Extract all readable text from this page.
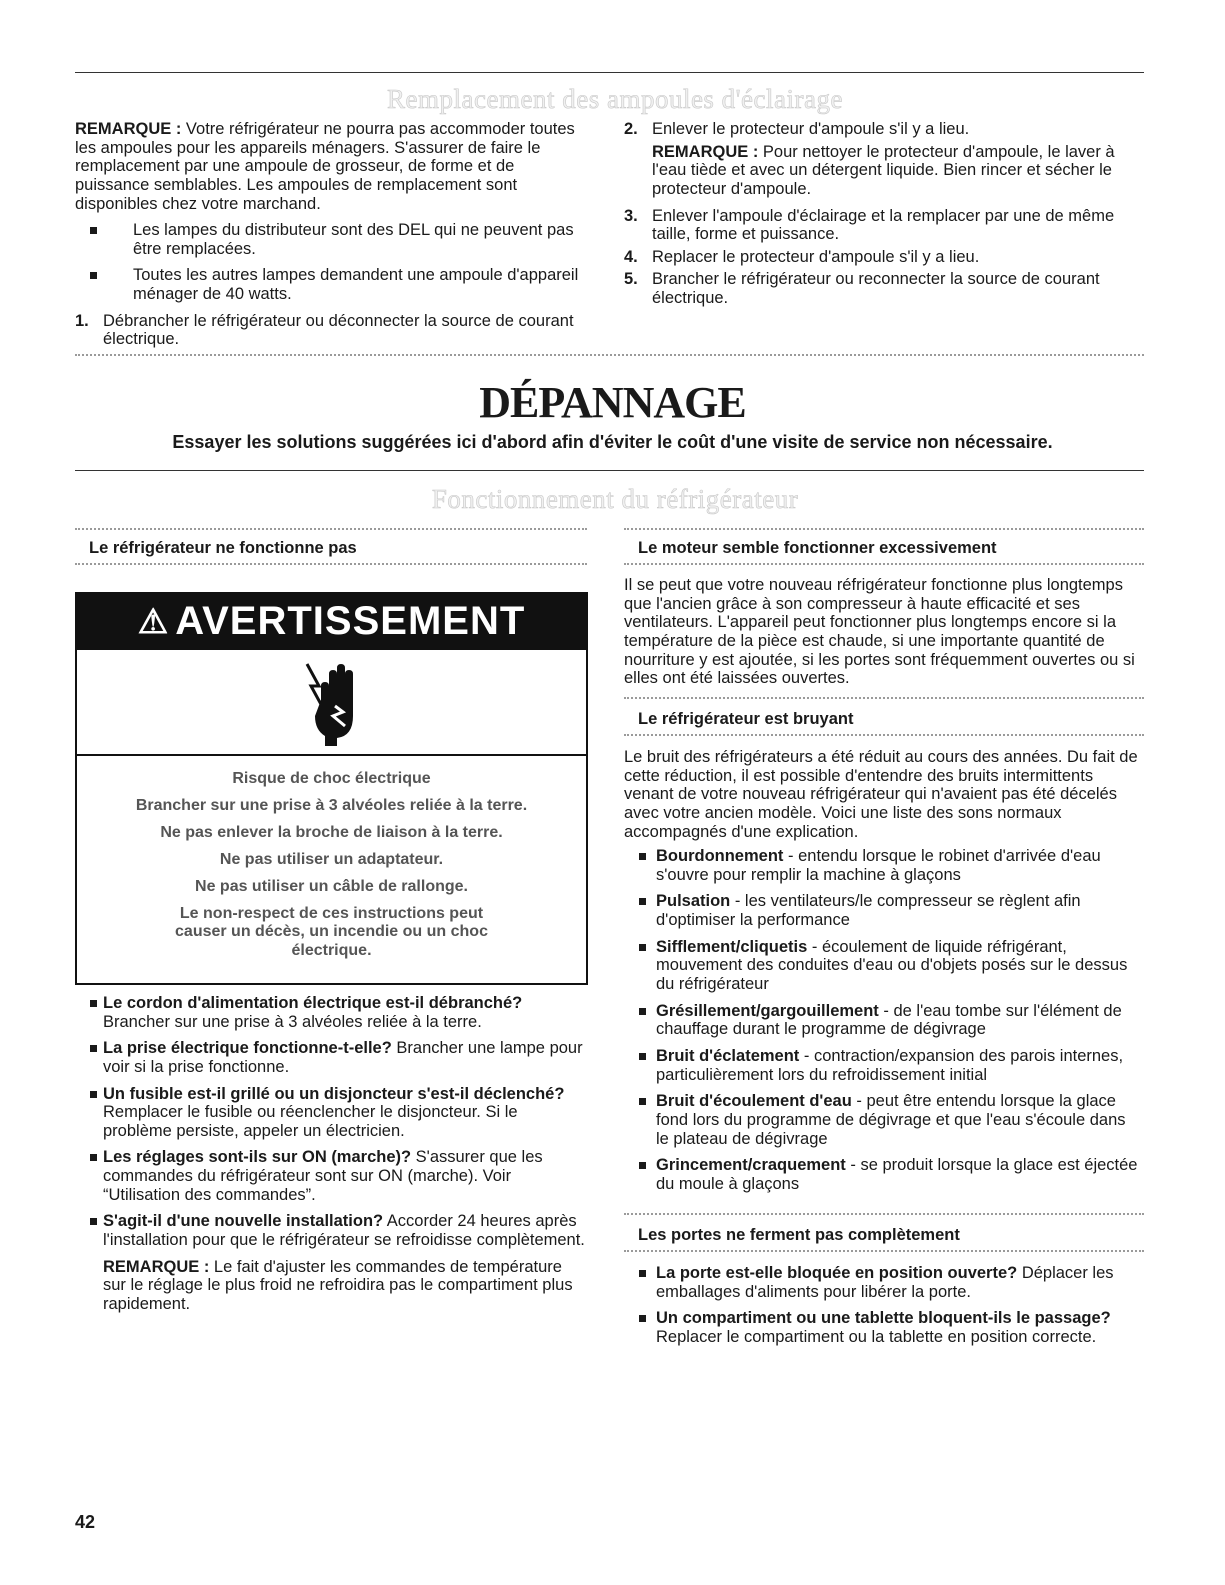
Remplacement des ampoules d'éclairage

REMARQUE : Votre réfrigérateur ne pourra pas accommoder toutes les ampoules pour les appareils ménagers. S'assurer de faire le remplacement par une ampoule de grosseur, de forme et de puissance semblables. Les ampoules de remplacement sont disponibles chez votre marchand.

Les lampes du distributeur sont des DEL qui ne peuvent pas être remplacées.

Toutes les autres lampes demandent une ampoule d'appareil ménager de 40 watts.

1. Débrancher le réfrigérateur ou déconnecter la source de courant électrique.

2. Enlever le protecteur d'ampoule s'il y a lieu.

REMARQUE : Pour nettoyer le protecteur d'ampoule, le laver à l'eau tiède et avec un détergent liquide. Bien rincer et sécher le protecteur d'ampoule.

3. Enlever l'ampoule d'éclairage et la remplacer par une de même taille, forme et puissance.

4. Replacer le protecteur d'ampoule s'il y a lieu.

5. Brancher le réfrigérateur ou reconnecter la source de courant électrique.

DÉPANNAGE
Essayer les solutions suggérées ici d'abord afin d'éviter le coût d'une visite de service non nécessaire.
Fonctionnement du réfrigérateur
Le réfrigérateur ne fonctionne pas
⚠ AVERTISSEMENT

Risque de choc électrique

Brancher sur une prise à 3 alvéoles reliée à la terre.

Ne pas enlever la broche de liaison à la terre.

Ne pas utiliser un adaptateur.

Ne pas utiliser un câble de rallonge.

Le non-respect de ces instructions peut causer un décès, un incendie ou un choc électrique.

Le cordon d'alimentation électrique est-il débranché? Brancher sur une prise à 3 alvéoles reliée à la terre.

La prise électrique fonctionne-t-elle? Brancher une lampe pour voir si la prise fonctionne.

Un fusible est-il grillé ou un disjoncteur s'est-il déclenché? Remplacer le fusible ou réenclencher le disjoncteur. Si le problème persiste, appeler un électricien.

Les réglages sont-ils sur ON (marche)? S'assurer que les commandes du réfrigérateur sont sur ON (marche). Voir “Utilisation des commandes”.

S'agit-il d'une nouvelle installation? Accorder 24 heures après l'installation pour que le réfrigérateur se refroidisse complètement.

REMARQUE : Le fait d'ajuster les commandes de température sur le réglage le plus froid ne refroidira pas le compartiment plus rapidement.

Le moteur semble fonctionner excessivement

Il se peut que votre nouveau réfrigérateur fonctionne plus longtemps que l'ancien grâce à son compresseur à haute efficacité et ses ventilateurs. L'appareil peut fonctionner plus longtemps encore si la température de la pièce est chaude, si une importante quantité de nourriture y est ajoutée, si les portes sont fréquemment ouvertes ou si elles ont été laissées ouvertes.

Le réfrigérateur est bruyant

Le bruit des réfrigérateurs a été réduit au cours des années. Du fait de cette réduction, il est possible d'entendre des bruits intermittents venant de votre nouveau réfrigérateur qui n'avaient pas été décelés avec votre ancien modèle. Voici une liste des sons normaux accompagnés d'une explication.

Bourdonnement - entendu lorsque le robinet d'arrivée d'eau s'ouvre pour remplir la machine à glaçons

Pulsation - les ventilateurs/le compresseur se règlent afin d'optimiser la performance

Sifflement/cliquetis - écoulement de liquide réfrigérant, mouvement des conduites d'eau ou d'objets posés sur le dessus du réfrigérateur

Grésillement/gargouillement - de l'eau tombe sur l'élément de chauffage durant le programme de dégivrage

Bruit d'éclatement - contraction/expansion des parois internes, particulièrement lors du refroidissement initial

Bruit d'écoulement d'eau - peut être entendu lorsque la glace fond lors du programme de dégivrage et que l'eau s'écoule dans le plateau de dégivrage

Grincement/craquement - se produit lorsque la glace est éjectée du moule à glaçons

Les portes ne ferment pas complètement

La porte est-elle bloquée en position ouverte? Déplacer les emballages d'aliments pour libérer la porte.

Un compartiment ou une tablette bloquent-ils le passage? Replacer le compartiment ou la tablette en position correcte.

42
